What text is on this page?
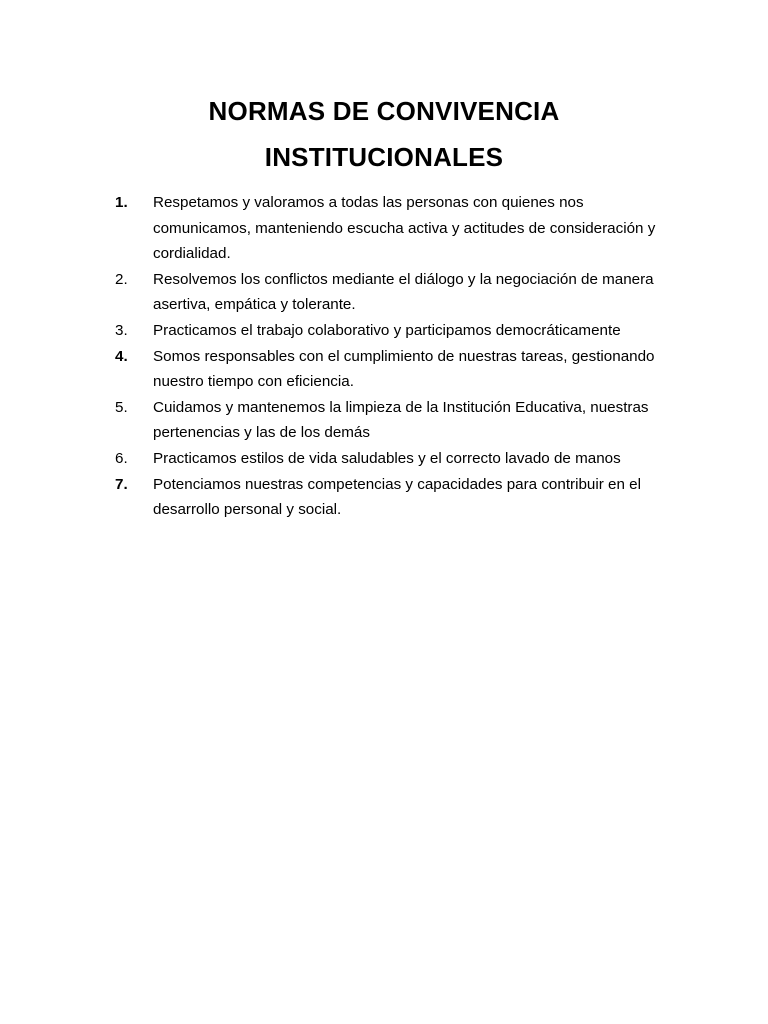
NORMAS DE CONVIVENCIA
INSTITUCIONALES
1. Respetamos y valoramos a todas las personas con quienes nos comunicamos, manteniendo escucha activa y actitudes de consideración y cordialidad.
2. Resolvemos los conflictos mediante el diálogo y la negociación de manera asertiva, empática y tolerante.
3. Practicamos el trabajo colaborativo y participamos democráticamente
4. Somos responsables con el cumplimiento de nuestras tareas, gestionando nuestro tiempo con eficiencia.
5. Cuidamos y mantenemos la limpieza de la Institución Educativa, nuestras pertenencias y las de los demás
6. Practicamos estilos de vida saludables y el correcto lavado de manos
7. Potenciamos nuestras competencias y capacidades para contribuir en el desarrollo personal y social.
